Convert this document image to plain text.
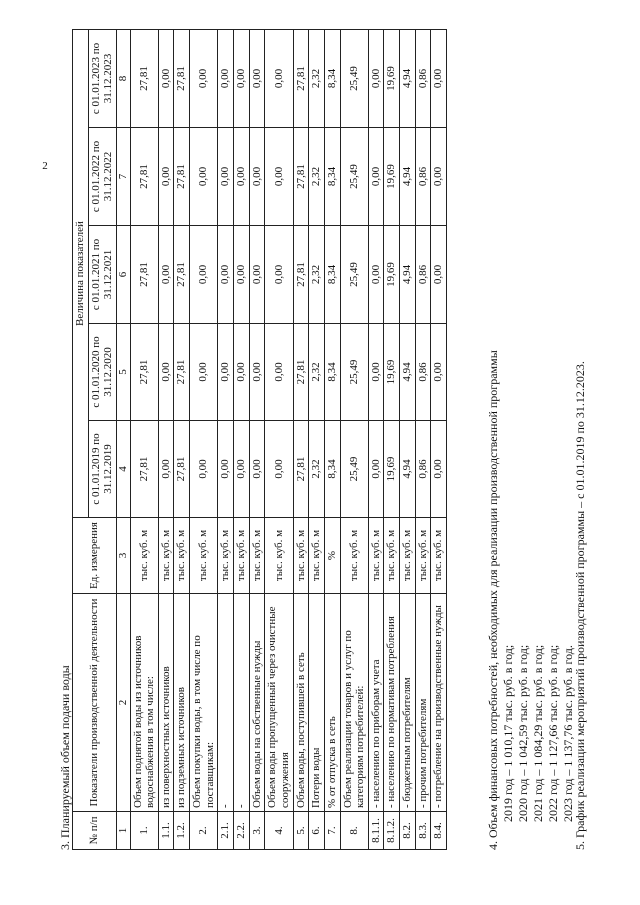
2
3. Планируемый объем подачи воды № п/п	Показатели производственной деятельности	Ед. измерения	Величина показателей				
			с 01.01.2019 по 31.12.2019	с 01.01.2020 по 31.12.2020	с 01.01.2021 по 31.12.2021	с 01.01.2022 по 31.12.2022	с 01.01.2023 по 31.12.2023
1	2	3	4	5	6	7	8
1.	Объем поднятой воды из источников водоснабжения в том числе:	тыс. куб. м	27,81	27,81	27,81	27,81	27,81
1.1.	из поверхностных источников	тыс. куб. м	0,00	0,00	0,00	0,00	0,00
1.2.	из подземных источников	тыс. куб. м	27,81	27,81	27,81	27,81	27,81
2.	Объем покупки воды, в том числе по поставщикам:	тыс. куб. м	0,00	0,00	0,00	0,00	0,00
2.1.	-	тыс. куб. м	0,00	0,00	0,00	0,00	0,00
2.2.	-	тыс. куб. м	0,00	0,00	0,00	0,00	0,00
3.	Объем воды на собственные нужды	тыс. куб. м	0,00	0,00	0,00	0,00	0,00
4.	Объем воды пропущенный через очистные сооружения	тыс. куб. м	0,00	0,00	0,00	0,00	0,00
5.	Объем воды, поступившей в сеть	тыс. куб. м	27,81	27,81	27,81	27,81	27,81
6.	Потери воды	тыс. куб. м	2,32	2,32	2,32	2,32	2,32
7.	% от отпуска в сеть	%	8,34	8,34	8,34	8,34	8,34
8.	Объем реализации товаров и услуг по категориям потребителей:	тыс. куб. м	25,49	25,49	25,49	25,49	25,49
8.1.1.	- населению по приборам учета	тыс. куб. м	0,00	0,00	0,00	0,00	0,00
8.1.2.	- населению по нормативам потребления	тыс. куб. м	19,69	19,69	19,69	19,69	19,69
8.2.	- бюджетным потребителям	тыс. куб. м	4,94	4,94	4,94	4,94	4,94
8.3.	- прочим потребителям	тыс. куб. м	0,86	0,86	0,86	0,86	0,86
8.4.	- потребление на производственные нужды	тыс. куб. м	0,00	0,00	0,00	0,00	0,00
4. Объем финансовых потребностей, необходимых для реализации производственной программы 2019 год – 1 010,17 тыс. руб. в год; 2020 год – 1 042,59 тыс. руб. в год; 2021 год – 1 084,29 тыс. руб. в год; 2022 год – 1 127,66 тыс. руб. в год; 2023 год – 1 137,76 тыс. руб. в год.
5. График реализации мероприятий производственной программы – с 01.01.2019 по 31.12.2023.
